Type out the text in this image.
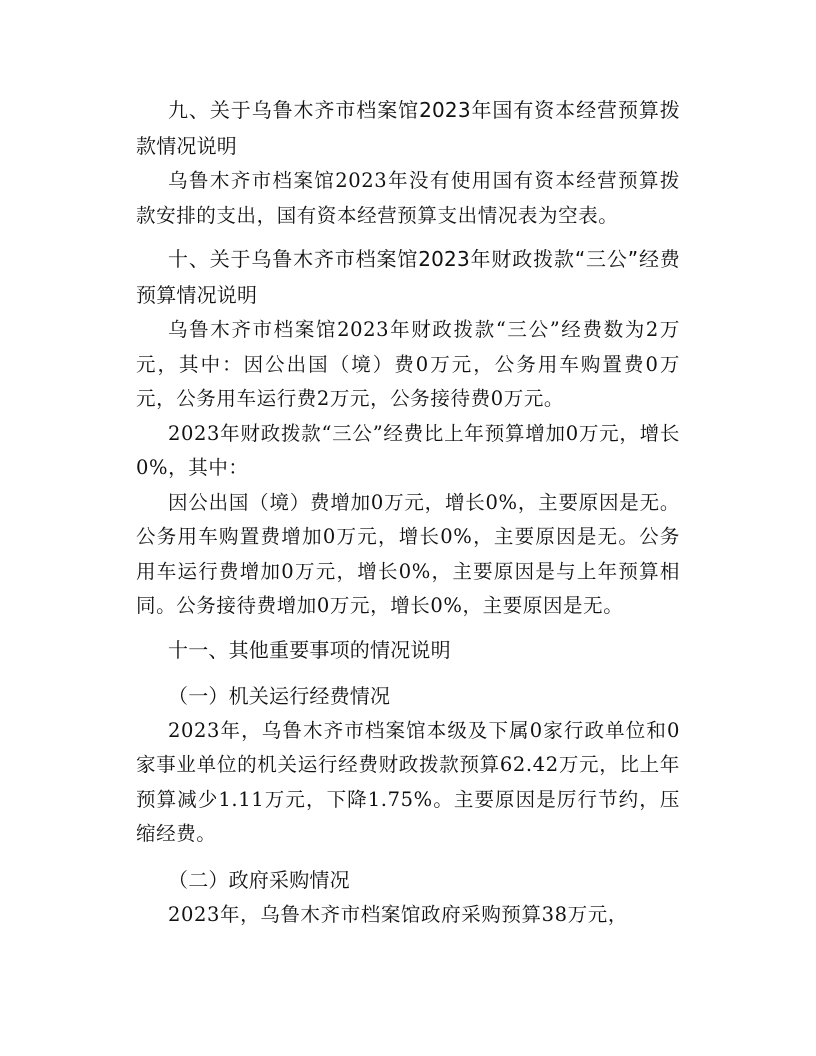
九、关于乌鲁木齐市档案馆2023年国有资本经营预算拨款情况说明

乌鲁木齐市档案馆2023年没有使用国有资本经营预算拨款安排的支出，国有资本经营预算支出情况表为空表。

十、关于乌鲁木齐市档案馆2023年财政拨款“三公”经费预算情况说明

乌鲁木齐市档案馆2023年财政拨款“三公”经费数为2万元，其中：因公出国（境）费0万元，公务用车购置费0万元，公务用车运行费2万元，公务接待费0万元。

2023年财政拨款“三公”经费比上年预算增加0万元，增长0%，其中：

因公出国（境）费增加0万元，增长0%，主要原因是无。公务用车购置费增加0万元，增长0%，主要原因是无。公务用车运行费增加0万元，增长0%，主要原因是与上年预算相同。公务接待费增加0万元，增长0%，主要原因是无。

十一、其他重要事项的情况说明

（一）机关运行经费情况

2023年，乌鲁木齐市档案馆本级及下属0家行政单位和0家事业单位的机关运行经费财政拨款预算62.42万元，比上年预算减少1.11万元，下降1.75%。主要原因是厉行节约，压缩经费。

（二）政府采购情况

2023年，乌鲁木齐市档案馆政府采购预算38万元，
